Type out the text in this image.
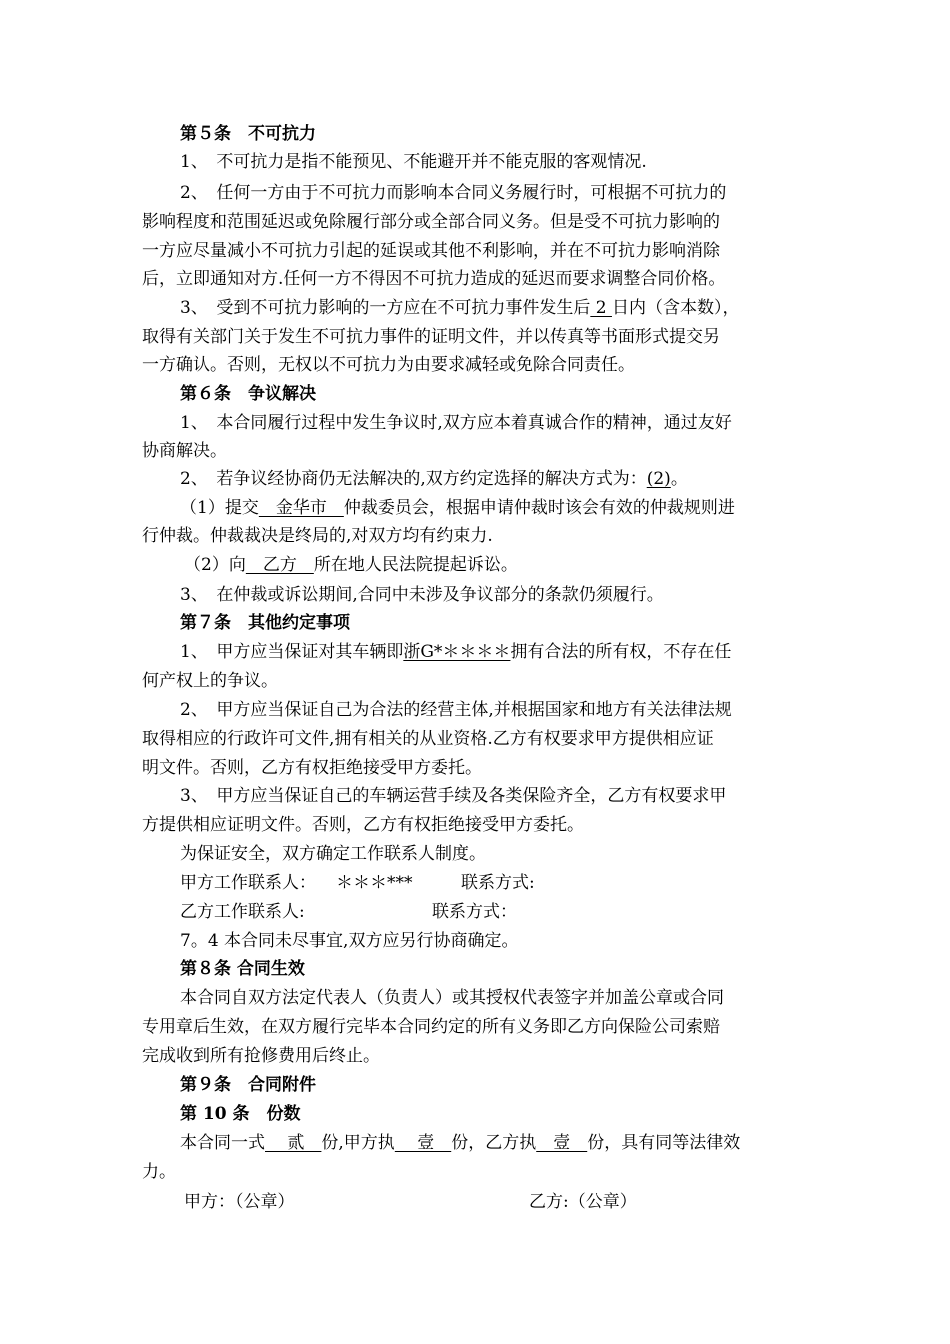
第５条　不可抗力
1、　不可抗力是指不能预见、不能避开并不能克服的客观情况.
2、　任何一方由于不可抗力而影响本合同义务履行时，可根据不可抗力的
影响程度和范围延迟或免除履行部分或全部合同义务。但是受不可抗力影响的
一方应尽量减小不可抗力引起的延误或其他不利影响，并在不可抗力影响消除
后，立即通知对方.任何一方不得因不可抗力造成的延迟而要求调整合同价格。
3、　受到不可抗力影响的一方应在不可抗力事件发生后 2 日内（含本数），
取得有关部门关于发生不可抗力事件的证明文件，并以传真等书面形式提交另
一方确认。否则，无权以不可抗力为由要求减轻或免除合同责任。
第６条　争议解决
1、　本合同履行过程中发生争议时,双方应本着真诚合作的精神，通过友好
协商解决。
2、　若争议经协商仍无法解决的,双方约定选择的解决方式为：(2)。
（1）提交　金华市　仲裁委员会，根据申请仲裁时该会有效的仲裁规则进
行仲裁。仲裁裁决是终局的,对双方均有约束力.
（2）向　乙方　所在地人民法院提起诉讼。
3、　在仲裁或诉讼期间,合同中未涉及争议部分的条款仍须履行。
第７条　其他约定事项
1、　甲方应当保证对其车辆即浙G*＊＊＊＊拥有合法的所有权，不存在任
何产权上的争议。
2、　甲方应当保证自己为合法的经营主体,并根据国家和地方有关法律法规
取得相应的行政许可文件,拥有相关的从业资格.乙方有权要求甲方提供相应证
明文件。否则，乙方有权拒绝接受甲方委托。
3、　甲方应当保证自己的车辆运营手续及各类保险齐全，乙方有权要求甲
方提供相应证明文件。否则，乙方有权拒绝接受甲方委托。
为保证安全，双方确定工作联系人制度。
甲方工作联系人： ＊＊＊***	联系方式:
乙方工作联系人:	联系方式：
7。4 本合同未尽事宜,双方应另行协商确定。
第８条 合同生效
本合同自双方法定代表人（负责人）或其授权代表签字并加盖公章或合同
专用章后生效，在双方履行完毕本合同约定的所有义务即乙方向保险公司索赔
完成收到所有抢修费用后终止。
第９条　合同附件
第 10 条　份数
本合同一式　 贰　份,甲方执　 壹　份，乙方执　壹　份，具有同等法律效
力。
甲方：（公章）	乙方:（公章）
